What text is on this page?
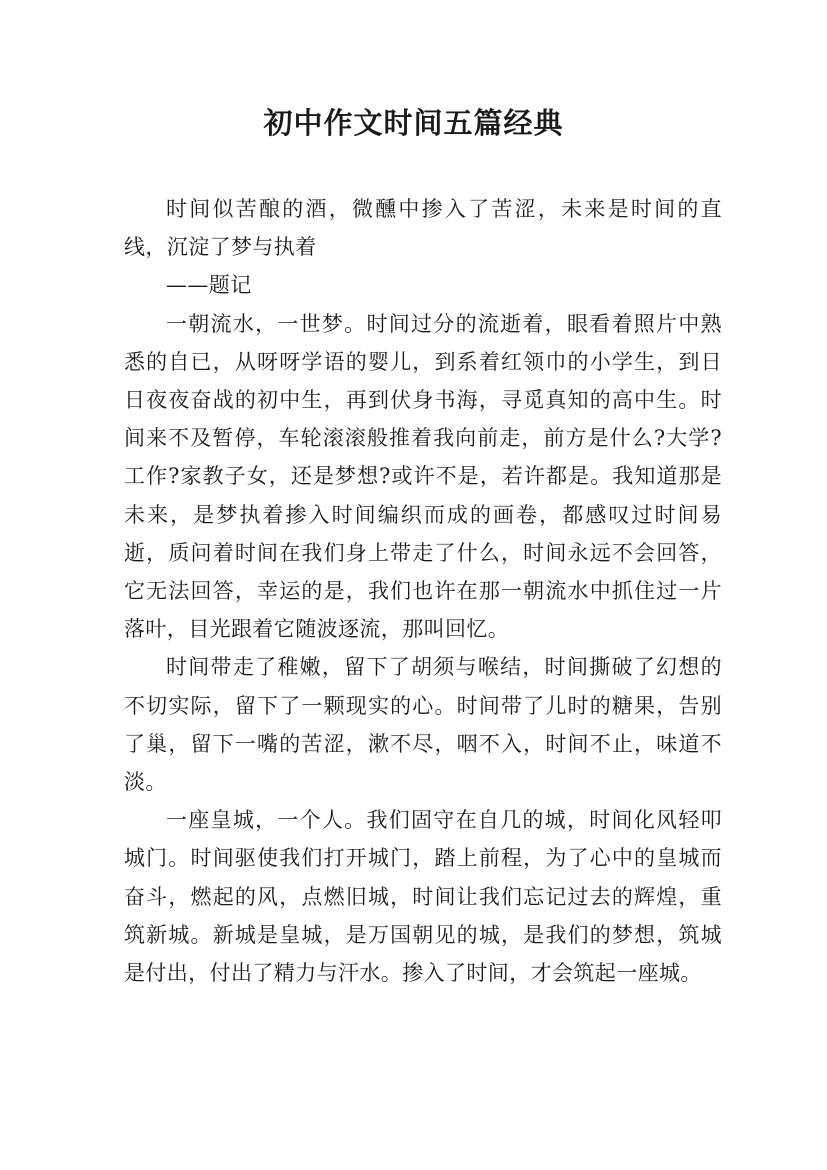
初中作文时间五篇经典

时间似苦酿的酒，微醺中掺入了苦涩，未来是时间的直线，沉淀了梦与执着

——题记

一朝流水，一世梦。时间过分的流逝着，眼看着照片中熟悉的自已，从呀呀学语的婴儿，到系着红领巾的小学生，到日日夜夜奋战的初中生，再到伏身书海，寻觅真知的高中生。时间来不及暂停，车轮滚滚般推着我向前走，前方是什么?大学?工作?家教子女，还是梦想?或许不是，若许都是。我知道那是未来，是梦执着掺入时间编织而成的画卷，都感叹过时间易逝，质问着时间在我们身上带走了什么，时间永远不会回答，它无法回答，幸运的是，我们也许在那一朝流水中抓住过一片落叶，目光跟着它随波逐流，那叫回忆。

时间带走了稚嫩，留下了胡须与喉结，时间撕破了幻想的不切实际，留下了一颗现实的心。时间带了儿时的糖果，告别了巢，留下一嘴的苦涩，漱不尽，咽不入，时间不止，味道不淡。

一座皇城，一个人。我们固守在自几的城，时间化风轻叩城门。时间驱使我们打开城门，踏上前程，为了心中的皇城而奋斗，燃起的风，点燃旧城，时间让我们忘记过去的辉煌，重筑新城。新城是皇城，是万国朝见的城，是我们的梦想，筑城是付出，付出了精力与汗水。掺入了时间，才会筑起一座城。
